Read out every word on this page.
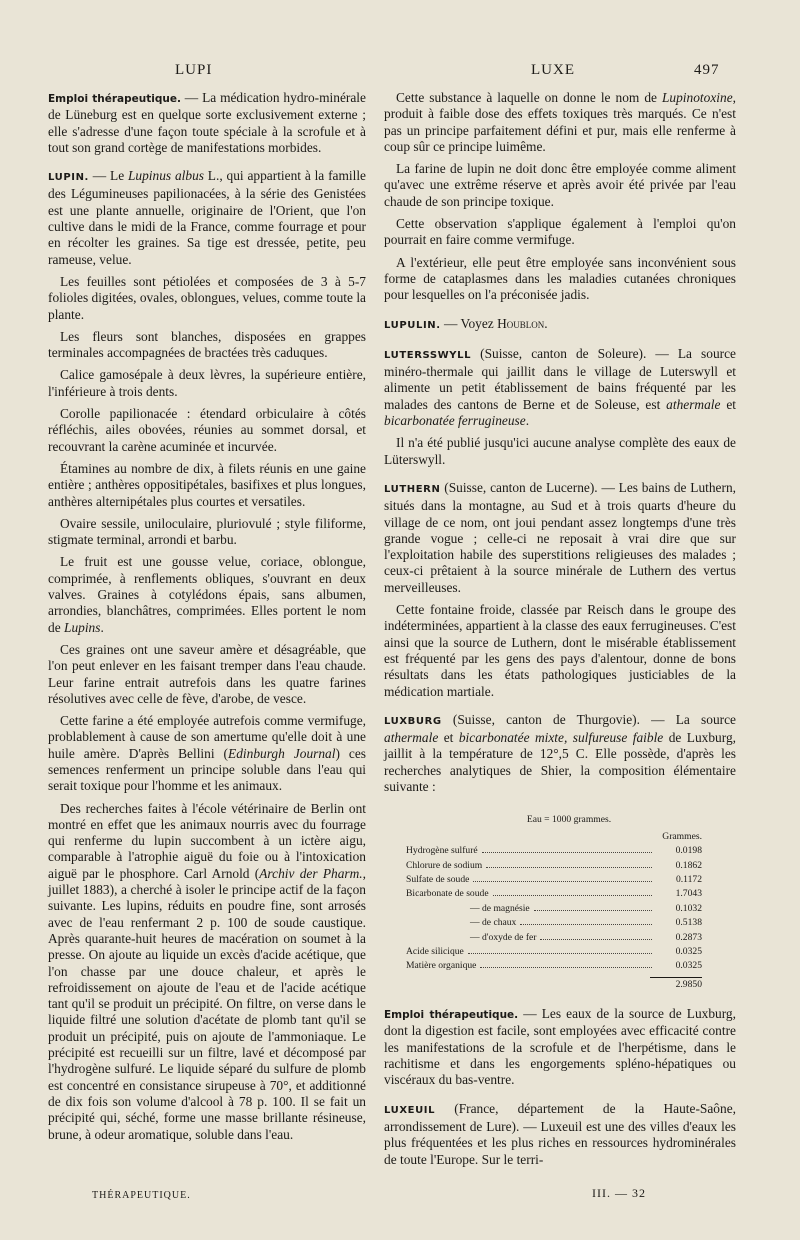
LUPI	LUXE	497

Emploi thérapeutique. — La médication hydro-minérale de Lüneburg est en quelque sorte exclusivement externe ; elle s'adresse d'une façon toute spéciale à la scrofule et à tout son grand cortège de manifestations morbides.

LUPIN. — Le Lupinus albus L., qui appartient à la famille des Légumineuses papilionacées, à la série des Genistées est une plante annuelle, originaire de l'Orient, que l'on cultive dans le midi de la France, comme fourrage et pour en récolter les graines. Sa tige est dressée, petite, peu rameuse, velue.

Les feuilles sont pétiolées et composées de 3 à 5-7 folioles digitées, ovales, oblongues, velues, comme toute la plante.

Les fleurs sont blanches, disposées en grappes terminales accompagnées de bractées très caduques.

Calice gamosépale à deux lèvres, la supérieure entière, l'inférieure à trois dents.

Corolle papilionacée : étendard orbiculaire à côtés réfléchis, ailes obovées, réunies au sommet dorsal, et recouvrant la carène acuminée et incurvée.

Étamines au nombre de dix, à filets réunis en une gaine entière ; anthères oppositipétales, basifixes et plus longues, anthères alternipétales plus courtes et versatiles.

Ovaire sessile, uniloculaire, pluriovulé ; style filiforme, stigmate terminal, arrondi et barbu.

Le fruit est une gousse velue, coriace, oblongue, comprimée, à renflements obliques, s'ouvrant en deux valves. Graines à cotylédons épais, sans albumen, arrondies, blanchâtres, comprimées. Elles portent le nom de Lupins.

Ces graines ont une saveur amère et désagréable, que l'on peut enlever en les faisant tremper dans l'eau chaude. Leur farine entrait autrefois dans les quatre farines résolutives avec celle de fève, d'arobe, de vesce.

Cette farine a été employée autrefois comme vermifuge, problablement à cause de son amertume qu'elle doit à une huile amère. D'après Bellini (Edinburgh Journal) ces semences renferment un principe soluble dans l'eau qui serait toxique pour l'homme et les animaux.

Des recherches faites à l'école vétérinaire de Berlin ont montré en effet que les animaux nourris avec du fourrage qui renferme du lupin succombent à un ictère aigu, comparable à l'atrophie aiguë du foie ou à l'intoxication aiguë par le phosphore. Carl Arnold (Archiv der Pharm., juillet 1883), a cherché à isoler le principe actif de la façon suivante. Les lupins, réduits en poudre fine, sont arrosés avec de l'eau renfermant 2 p. 100 de soude caustique. Après quarante-huit heures de macération on soumet à la presse. On ajoute au liquide un excès d'acide acétique, que l'on chasse par une douce chaleur, et après le refroidissement on ajoute de l'eau et de l'acide acétique tant qu'il se produit un précipité. On filtre, on verse dans le liquide filtré une solution d'acétate de plomb tant qu'il se produit un précipité, puis on ajoute de l'ammoniaque. Le précipité est recueilli sur un filtre, lavé et décomposé par l'hydrogène sulfuré. Le liquide séparé du sulfure de plomb est concentré en consistance sirupeuse à 70°, et additionné de dix fois son volume d'alcool à 78 p. 100. Il se fait un précipité qui, séché, forme une masse brillante résineuse, brune, à odeur aromatique, soluble dans l'eau.

Cette substance à laquelle on donne le nom de Lupinotoxine, produit à faible dose des effets toxiques très marqués. Ce n'est pas un principe parfaitement défini et pur, mais elle renferme à coup sûr ce principe luimême.

La farine de lupin ne doit donc être employée comme aliment qu'avec une extrême réserve et après avoir été privée par l'eau chaude de son principe toxique.

Cette observation s'applique également à l'emploi qu'on pourrait en faire comme vermifuge.

A l'extérieur, elle peut être employée sans inconvénient sous forme de cataplasmes dans les maladies cutanées chroniques pour lesquelles on l'a préconisée jadis.

LUPULIN. — Voyez Houblon.

LUTERSSWYLL (Suisse, canton de Soleure). — La source minéro-thermale qui jaillit dans le village de Luterswyll et alimente un petit établissement de bains fréquenté par les malades des cantons de Berne et de Soleuse, est athermale et bicarbonatée ferrugineuse.

Il n'a été publié jusqu'ici aucune analyse complète des eaux de Lüterswyll.

LUTHERN (Suisse, canton de Lucerne). — Les bains de Luthern, situés dans la montagne, au Sud et à trois quarts d'heure du village de ce nom, ont joui pendant assez longtemps d'une très grande vogue ; celle-ci ne reposait à vrai dire que sur l'exploitation habile des superstitions religieuses des malades ; ceux-ci prêtaient à la source minérale de Luthern des vertus merveilleuses.

Cette fontaine froide, classée par Reisch dans le groupe des indéterminées, appartient à la classe des eaux ferrugineuses. C'est ainsi que la source de Luthern, dont le misérable établissement est fréquenté par les gens des pays d'alentour, donne de bons résultats dans les états pathologiques justiciables de la médication martiale.

LUXBURG (Suisse, canton de Thurgovie). — La source athermale et bicarbonatée mixte, sulfureuse faible de Luxburg, jaillit à la température de 12°,5 C. Elle possède, d'après les recherches analytiques de Shier, la composition élémentaire suivante :

Eau = 1000 grammes.
Grammes.
Hydrogène sulfuré	0.0198
Chlorure de sodium	0.1862
Sulfate de soude	0.1172
Bicarbonate de soude	1.7043
— de magnésie	0.1032
— de chaux	0.5138
— d'oxyde de fer	0.2873
Acide silicique	0.0325
Matière organique	0.0325
2.9850

Emploi thérapeutique. — Les eaux de la source de Luxburg, dont la digestion est facile, sont employées avec efficacité contre les manifestations de la scrofule et de l'herpétisme, dans le rachitisme et dans les engorgements spléno-hépatiques ou viscéraux du bas-ventre.

LUXEUIL (France, département de la Haute-Saône, arrondissement de Lure). — Luxeuil est une des villes d'eaux les plus fréquentées et les plus riches en ressources hydrominérales de toute l'Europe. Sur le terri-

THÉRAPEUTIQUE.	III. — 32
